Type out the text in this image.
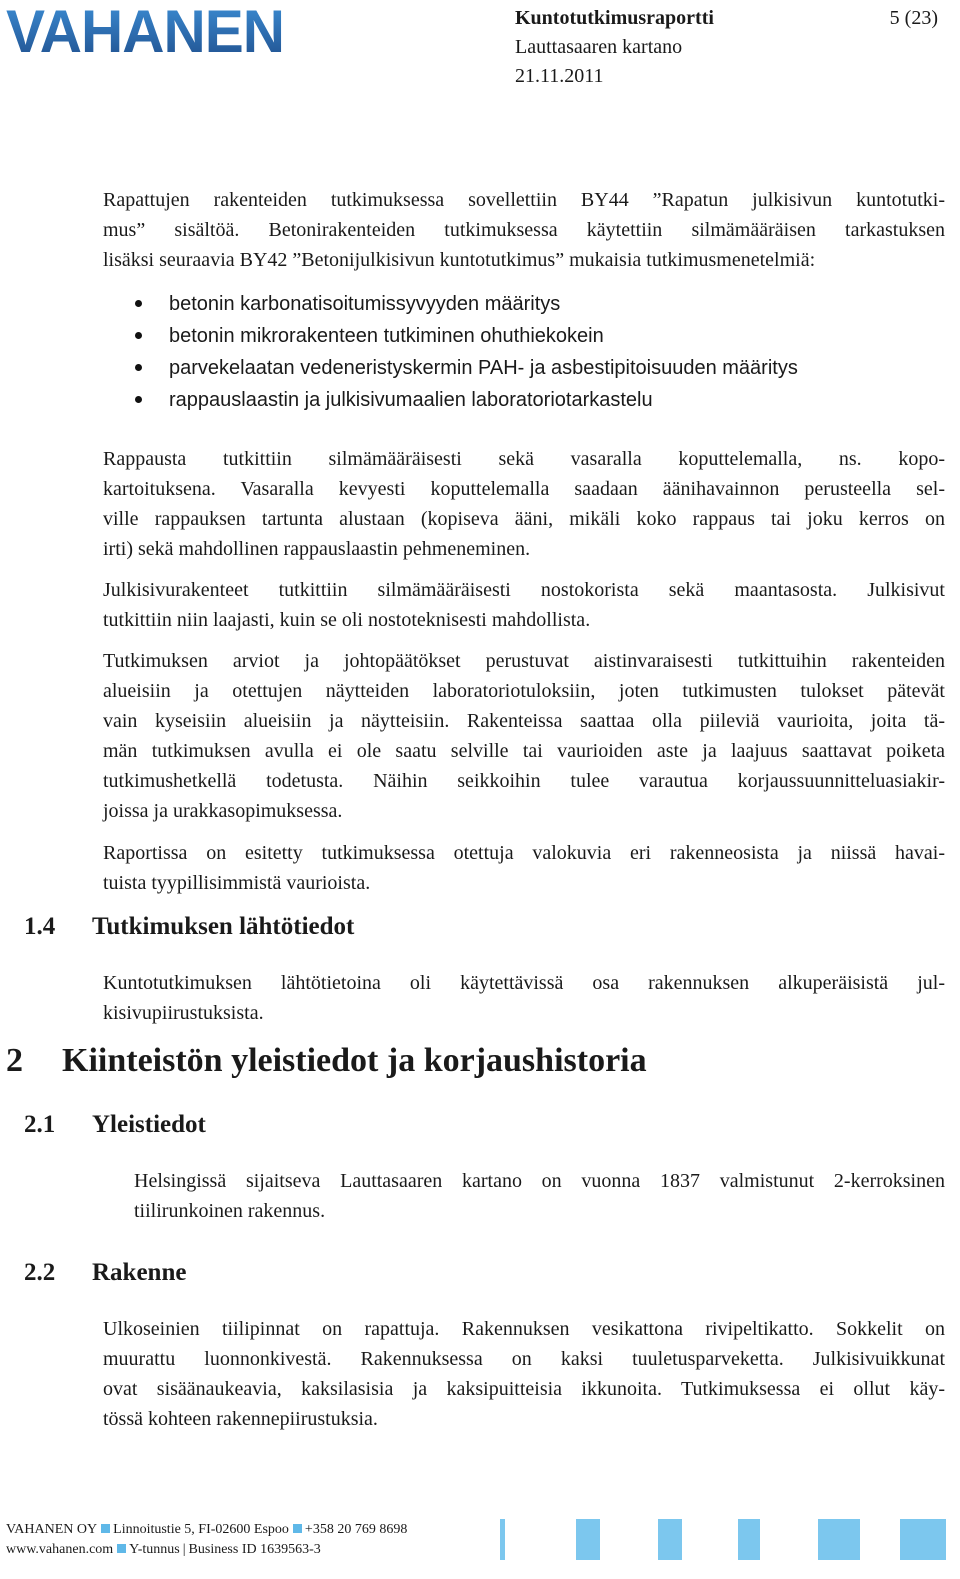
VAHANEN	Kuntotutkimusraportti
Lauttasaaren kartano
21.11.2011
5 (23)
Rapattujen rakenteiden tutkimuksessa sovellettiin BY44 ”Rapatun julkisivun kuntotutki-
mus” sisältöä. Betonirakenteiden tutkimuksessa käytettiin silmämääräisen tarkastuksen
lisäksi seuraavia BY42 ”Betonijulkisivun kuntotutkimus” mukaisia tutkimusmenetelmiä:
betonin karbonatisoitumissyvyyden määritys
betonin mikrorakenteen tutkiminen ohuthiekokein
parvekelaatan vedeneristyskermin PAH- ja asbestipitoisuuden määritys
rappauslaastin ja julkisivumaalien laboratoriotarkastelu
Rappausta tutkittiin silmämääräisesti sekä vasaralla koputtelemalla, ns. kopo-
kartoituksena. Vasaralla kevyesti koputtelemalla saadaan äänihavainnon perusteella sel-
ville rappauksen tartunta alustaan (kopiseva ääni, mikäli koko rappaus tai joku kerros on
irti) sekä mahdollinen rappauslaastin pehmeneminen.
Julkisivurakenteet tutkittiin silmämääräisesti nostokorista sekä maantasosta. Julkisivut
tutkittiin niin laajasti, kuin se oli nostoteknisesti mahdollista.
Tutkimuksen arviot ja johtopäätökset perustuvat aistinvaraisesti tutkittuihin rakenteiden
alueisiin ja otettujen näytteiden laboratoriotuloksiin, joten tutkimusten tulokset pätevät
vain kyseisiin alueisiin ja näytteisiin. Rakenteissa saattaa olla piileviä vaurioita, joita tä-
män tutkimuksen avulla ei ole saatu selville tai vaurioiden aste ja laajuus saattavat poiketa
tutkimushetkellä todetusta. Näihin seikkoihin tulee varautua korjaussuunnitteluasiakir-
joissa ja urakkasopimuksessa.
Raportissa on esitetty tutkimuksessa otettuja valokuvia eri rakenneosista ja niissä havai-
tuista tyypillisimmistä vaurioista.
1.4 Tutkimuksen lähtötiedot
Kuntotutkimuksen lähtötietoina oli käytettävissä osa rakennuksen alkuperäisistä jul-
kisivupiirustuksista.
2 Kiinteistön yleistiedot ja korjaushistoria
2.1 Yleistiedot
Helsingissä sijaitseva Lauttasaaren kartano on vuonna 1837 valmistunut 2-kerroksinen
tiilirunkoinen rakennus.
2.2 Rakenne
Ulkoseinien tiilipinnat on rapattuja. Rakennuksen vesikattona rivipeltikatto. Sokkelit on
muurattu luonnonkivestä. Rakennuksessa on kaksi tuuletusparveketta. Julkisivuikkunat
ovat sisäänaukeavia, kaksilasisia ja kaksipuitteisia ikkunoita. Tutkimuksessa ei ollut käy-
tössä kohteen rakennepiirustuksia.
VAHANEN OY Linnoitustie 5, FI-02600 Espoo +358 20 769 8698
www.vahanen.com Y-tunnus | Business ID 1639563-3
